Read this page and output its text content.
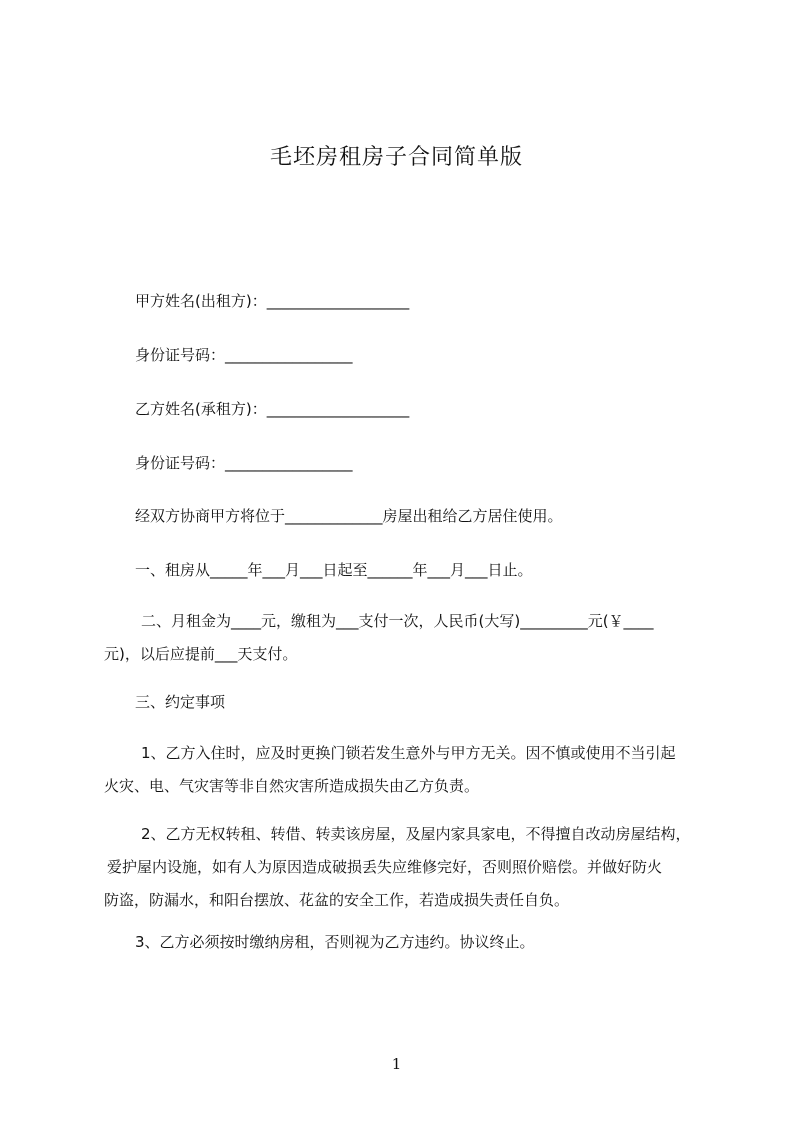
毛坯房租房子合同简单版
甲方姓名(出租方)：___________________
身份证号码：_________________
乙方姓名(承租方)：___________________
身份证号码：_________________
经双方协商甲方将位于_____________房屋出租给乙方居住使用。
一、租房从_____年___月___日起至______年___月___日止。
二、月租金为____元，缴租为___支付一次，人民币(大写)_________元(￥____
元)，以后应提前___天支付。
三、约定事项
1、乙方入住时，应及时更换门锁若发生意外与甲方无关。因不慎或使用不当引起
火灾、电、气灾害等非自然灾害所造成损失由乙方负责。
2、乙方无权转租、转借、转卖该房屋，及屋内家具家电，不得擅自改动房屋结构，
爱护屋内设施，如有人为原因造成破损丢失应维修完好，否则照价赔偿。并做好防火
防盗，防漏水，和阳台摆放、花盆的安全工作，若造成损失责任自负。
3、乙方必须按时缴纳房租，否则视为乙方违约。协议终止。
1
